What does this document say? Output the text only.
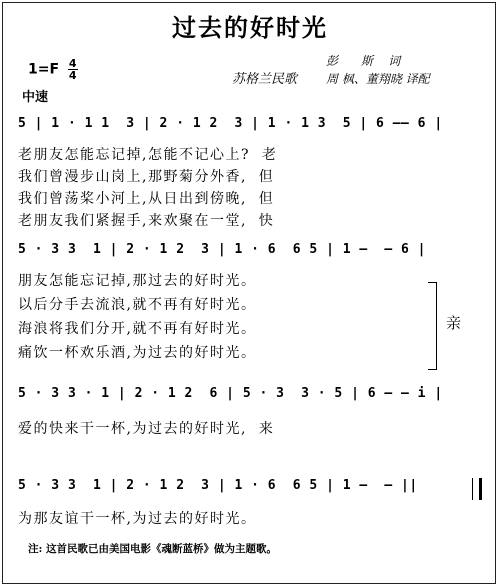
过去的好时光
$1=F \frac{4}{4}$
中速
苏格兰民歌
彭      斯    词
周 枫、董翔晓 译配
5 | 1 · 1 1  3 | 2 · 1 2  3 | 1 · 1 3  5 | 6 —— 6 |
老朋友怎能忘记掉,怎能不记心上?  老
我们曾漫步山岗上,那野菊分外香,  但
我们曾荡桨小河上,从日出到傍晚,  但
老朋友我们紧握手,来欢聚在一堂,  快
5 · 3 3  1 | 2 · 1 2  3 | 1 · 6  6 5 | 1 —  — 6 |
朋友怎能忘记掉,那过去的好时光。
以后分手去流浪,就不再有好时光。
海浪将我们分开,就不再有好时光。
痛饮一杯欢乐酒,为过去的好时光。
亲
5 · 3 3 · 1 | 2 · 1 2  6 | 5 · 3  3 · 5 | 6 — — i |
爱的快来干一杯,为过去的好时光,  来
5 · 3 3  1 | 2 · 1 2  3 | 1 · 6  6 5 | 1 —  — ||
为那友谊干一杯,为过去的好时光。
注: 这首民歌已由美国电影《魂断蓝桥》做为主题歌。
